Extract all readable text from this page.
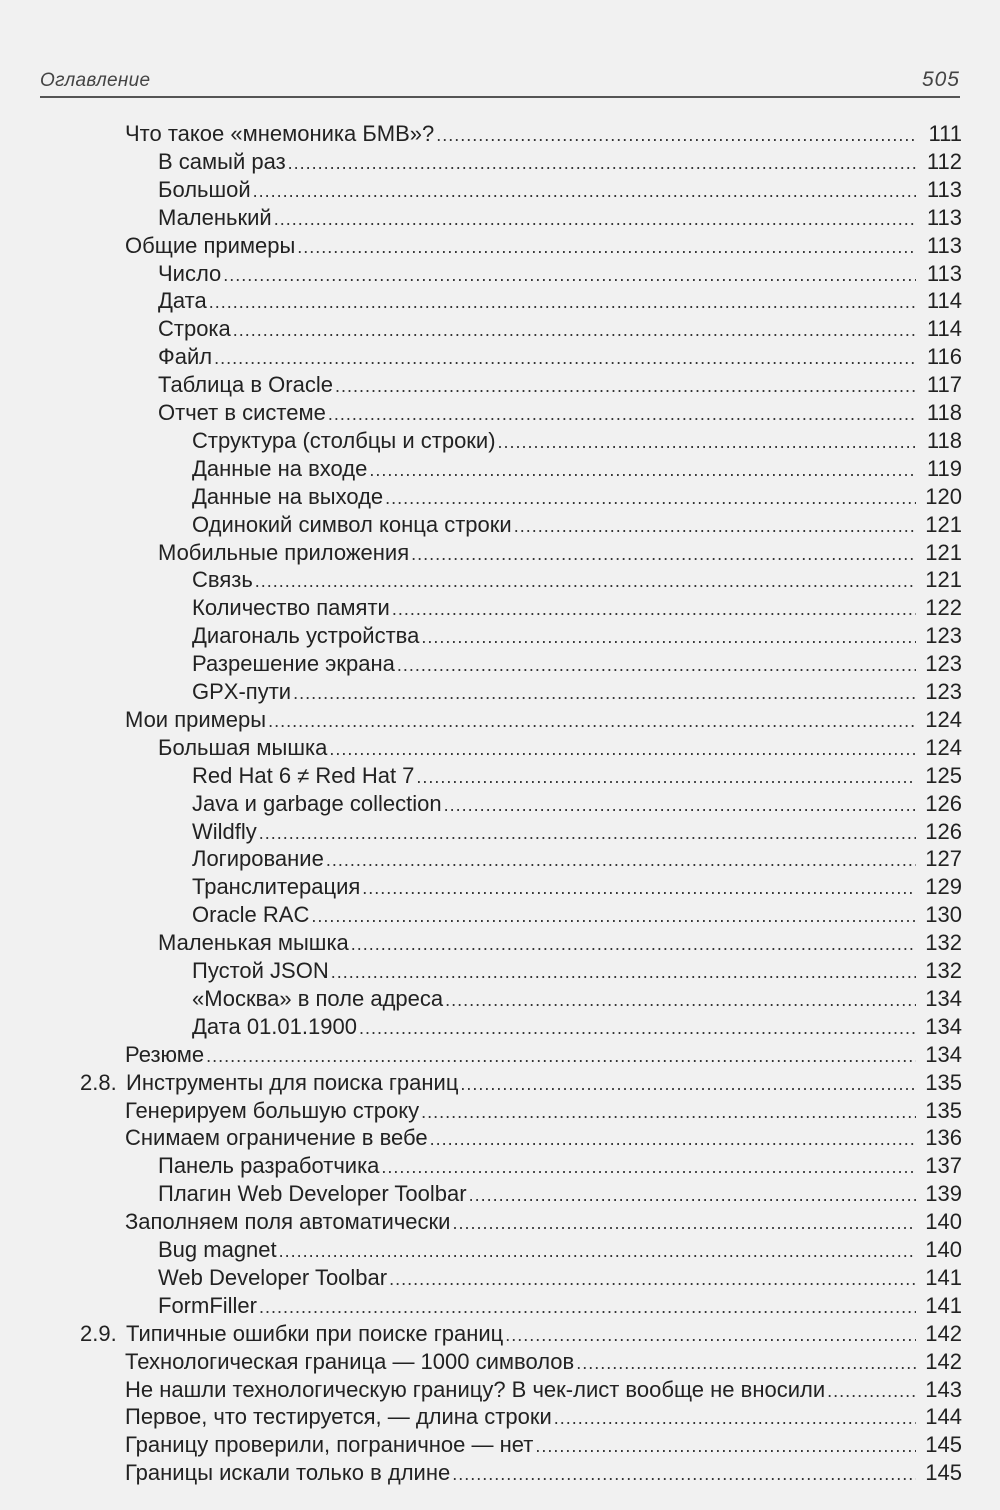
Оглавление	505
Что такое «мнемоника БМВ»? .....	111
В самый раз .....	112
Большой .....	113
Маленький .....	113
Общие примеры .....	113
Число .....	113
Дата .....	114
Строка .....	114
Файл .....	116
Таблица в Oracle .....	117
Отчет в системе .....	118
Структура (столбцы и строки) .....	118
Данные на входе .....	119
Данные на выходе .....	120
Одинокий символ конца строки .....	121
Мобильные приложения .....	121
Связь .....	121
Количество памяти .....	122
Диагональ устройства .....	123
Разрешение экрана .....	123
GPX-пути .....	123
Мои примеры .....	124
Большая мышка .....	124
Red Hat 6 ≠ Red Hat 7 .....	125
Java и garbage collection .....	126
Wildfly .....	126
Логирование .....	127
Транслитерация .....	129
Oracle RAC .....	130
Маленькая мышка .....	132
Пустой JSON .....	132
«Москва» в поле адреса .....	134
Дата 01.01.1900 .....	134
Резюме .....	134
2.8. Инструменты для поиска границ .....	135
Генерируем большую строку .....	135
Снимаем ограничение в вебе .....	136
Панель разработчика .....	137
Плагин Web Developer Toolbar .....	139
Заполняем поля автоматически .....	140
Bug magnet .....	140
Web Developer Toolbar .....	141
FormFiller .....	141
2.9. Типичные ошибки при поиске границ .....	142
Технологическая граница — 1000 символов .....	142
Не нашли технологическую границу? В чек-лист вообще не вносили .....	143
Первое, что тестируется, — длина строки .....	144
Границу проверили, пограничное — нет .....	145
Границы искали только в длине .....	145
